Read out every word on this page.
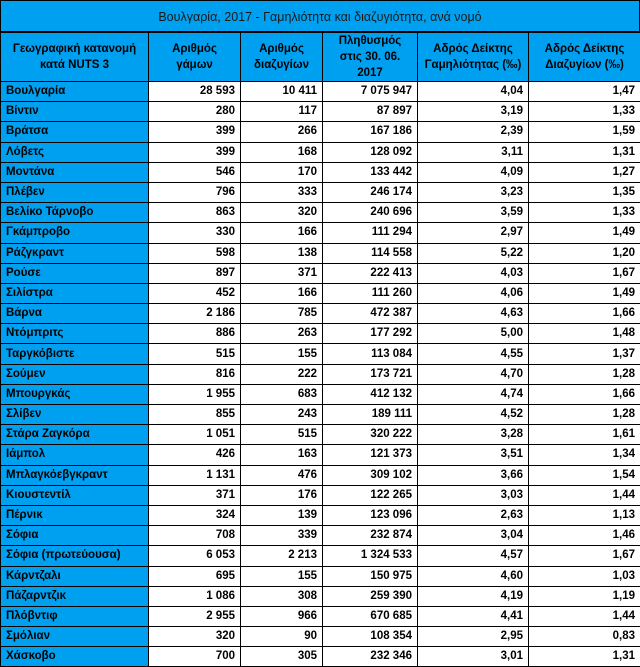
Βουλγαρία, 2017 - Γαμηλιότητα και διαζυγιότητα, ανά νομό
Γεωγραφική κατανομή κατά NUTS 3	Αριθμός γάμων	Αριθμός διαζυγίων	Πληθυσμός στις 30. 06. 2017	Αδρός Δείκτης Γαμηλιότητας (‰)	Αδρός Δείκτης Διαζυγίων (‰)
Βουλγαρία	28 593	10 411	7 075 947	4,04	1,47
Βίντιν	280	117	87 897	3,19	1,33
Βράτσα	399	266	167 186	2,39	1,59
Λόβετς	399	168	128 092	3,11	1,31
Μοντάνα	546	170	133 442	4,09	1,27
Πλέβεν	796	333	246 174	3,23	1,35
Βελίκο Τάρνοβο	863	320	240 696	3,59	1,33
Γκάμπροβο	330	166	111 294	2,97	1,49
Ράζγκραντ	598	138	114 558	5,22	1,20
Ρούσε	897	371	222 413	4,03	1,67
Σιλίστρα	452	166	111 260	4,06	1,49
Βάρνα	2 186	785	472 387	4,63	1,66
Ντόμπριτς	886	263	177 292	5,00	1,48
Ταργκόβιστε	515	155	113 084	4,55	1,37
Σούμεν	816	222	173 721	4,70	1,28
Μπουργκάς	1 955	683	412 132	4,74	1,66
Σλίβεν	855	243	189 111	4,52	1,28
Στάρα Ζαγκόρα	1 051	515	320 222	3,28	1,61
Ιάμπολ	426	163	121 373	3,51	1,34
Μπλαγκόεβγκραντ	1 131	476	309 102	3,66	1,54
Κιουστεντίλ	371	176	122 265	3,03	1,44
Πέρνικ	324	139	123 096	2,63	1,13
Σόφια	708	339	232 874	3,04	1,46
Σόφια (πρωτεύουσα)	6 053	2 213	1 324 533	4,57	1,67
Κάρντζαλι	695	155	150 975	4,60	1,03
Πάζαρντζικ	1 086	308	259 390	4,19	1,19
Πλόβντιφ	2 955	966	670 685	4,41	1,44
Σμόλιαν	320	90	108 354	2,95	0,83
Χάσκοβο	700	305	232 346	3,01	1,31
